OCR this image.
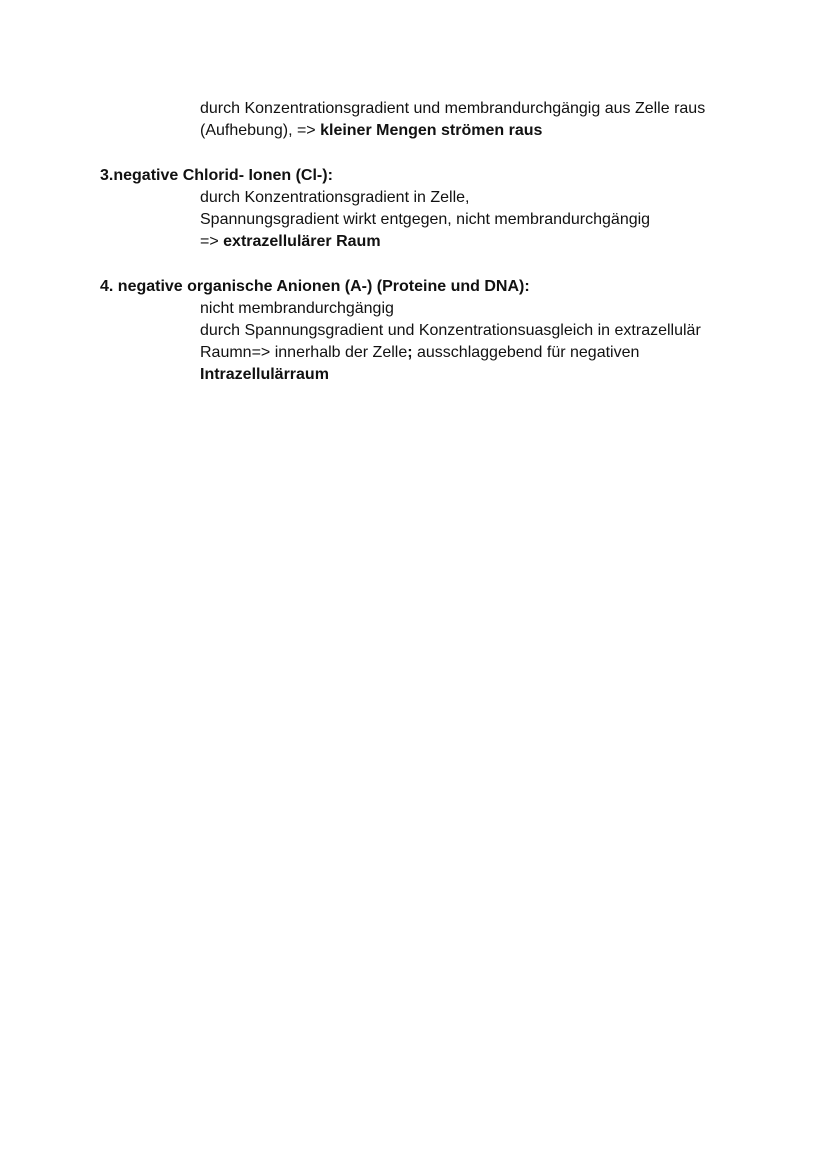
durch Konzentrationsgradient und membrandurchgängig aus Zelle raus
(Aufhebung), => kleiner Mengen strömen raus
3.negative Chlorid- Ionen (Cl-):
durch Konzentrationsgradient in Zelle,
Spannungsgradient wirkt entgegen, nicht membrandurchgängig
=> extrazellulärer Raum
4. negative organische Anionen (A-) (Proteine und DNA):
nicht membrandurchgängig
durch Spannungsgradient und Konzentrationsuasgleich in extrazellulär
Raumn=> innerhalb der Zelle; ausschlaggebend für negativen
Intrazellulärraum
